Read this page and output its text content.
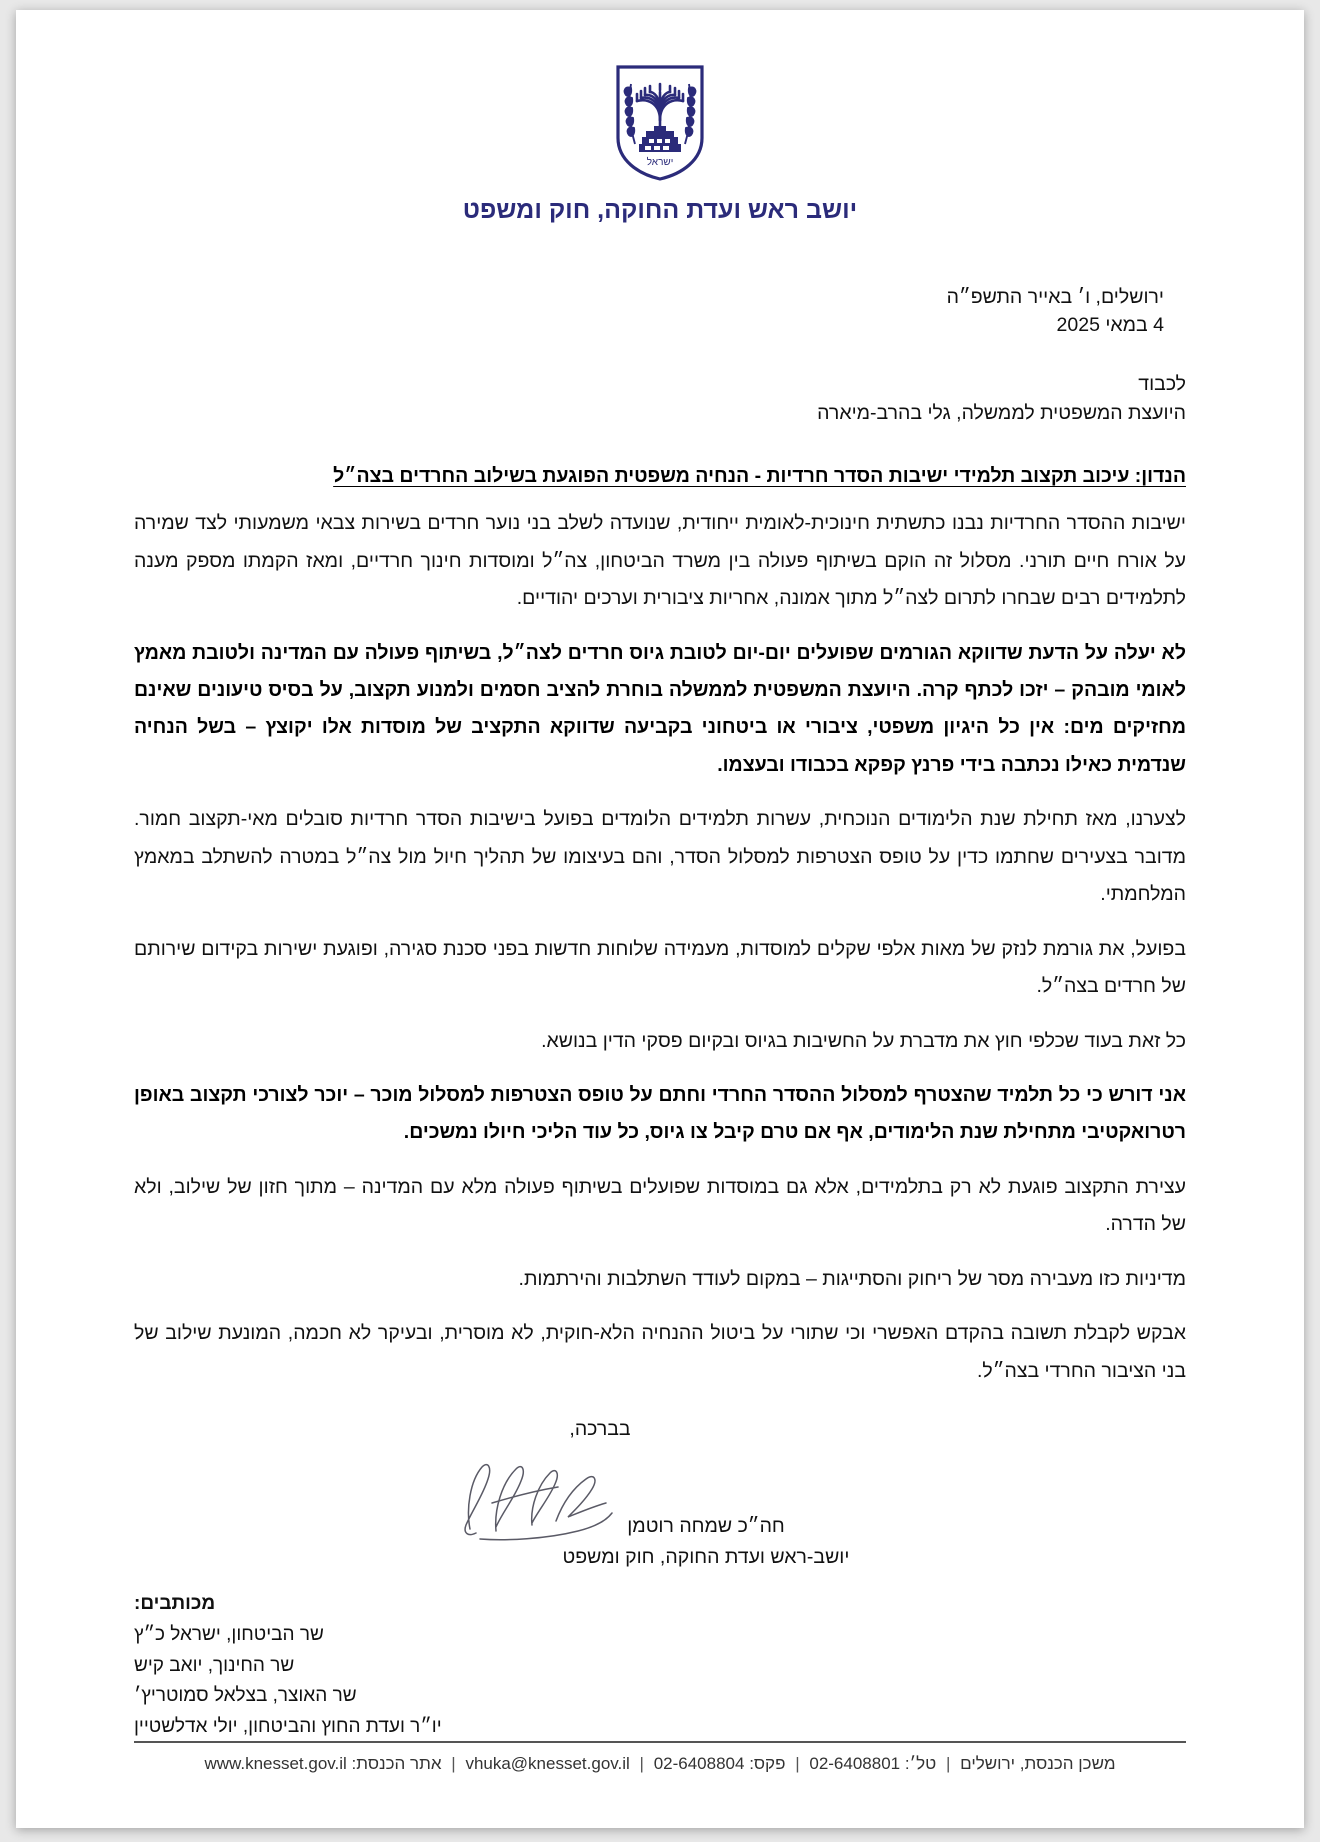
ישראל
יושב ראש ועדת החוקה, חוק ומשפט
ירושלים, ו׳ באייר התשפ״ה
4 במאי 2025
לכבוד
היועצת המשפטית לממשלה, גלי בהרב-מיארה
הנדון: עיכוב תקצוב תלמידי ישיבות הסדר חרדיות - הנחיה משפטית הפוגעת בשילוב החרדים בצה״ל
ישיבות ההסדר החרדיות נבנו כתשתית חינוכית-לאומית ייחודית, שנועדה לשלב בני נוער חרדים בשירות צבאי משמעותי לצד שמירה על אורח חיים תורני. מסלול זה הוקם בשיתוף פעולה בין משרד הביטחון, צה״ל ומוסדות חינוך חרדיים, ומאז הקמתו מספק מענה לתלמידים רבים שבחרו לתרום לצה״ל מתוך אמונה, אחריות ציבורית וערכים יהודיים.
לא יעלה על הדעת שדווקא הגורמים שפועלים יום-יום לטובת גיוס חרדים לצה״ל, בשיתוף פעולה עם המדינה ולטובת מאמץ לאומי מובהק – יזכו לכתף קרה. היועצת המשפטית לממשלה בוחרת להציב חסמים ולמנוע תקצוב, על בסיס טיעונים שאינם מחזיקים מים: אין כל היגיון משפטי, ציבורי או ביטחוני בקביעה שדווקא התקציב של מוסדות אלו יקוצץ – בשל הנחיה שנדמית כאילו נכתבה בידי פרנץ קפקא בכבודו ובעצמו.
לצערנו, מאז תחילת שנת הלימודים הנוכחית, עשרות תלמידים הלומדים בפועל בישיבות הסדר חרדיות סובלים מאי-תקצוב חמור. מדובר בצעירים שחתמו כדין על טופס הצטרפות למסלול הסדר, והם בעיצומו של תהליך חיול מול צה״ל במטרה להשתלב במאמץ המלחמתי.
בפועל, את גורמת לנזק של מאות אלפי שקלים למוסדות, מעמידה שלוחות חדשות בפני סכנת סגירה, ופוגעת ישירות בקידום שירותם של חרדים בצה״ל.
כל זאת בעוד שכלפי חוץ את מדברת על החשיבות בגיוס ובקיום פסקי הדין בנושא.
אני דורש כי כל תלמיד שהצטרף למסלול ההסדר החרדי וחתם על טופס הצטרפות למסלול מוכר – יוכר לצורכי תקצוב באופן רטרואקטיבי מתחילת שנת הלימודים, אף אם טרם קיבל צו גיוס, כל עוד הליכי חיולו נמשכים.
עצירת התקצוב פוגעת לא רק בתלמידים, אלא גם במוסדות שפועלים בשיתוף פעולה מלא עם המדינה – מתוך חזון של שילוב, ולא של הדרה.
מדיניות כזו מעבירה מסר של ריחוק והסתייגות – במקום לעודד השתלבות והירתמות.
אבקש לקבלת תשובה בהקדם האפשרי וכי שתורי על ביטול ההנחיה הלא-חוקית, לא מוסרית, ובעיקר לא חכמה, המונעת שילוב של בני הציבור החרדי בצה״ל.
בברכה,
חה״כ שמחה רוטמן
יושב-ראש ועדת החוקה, חוק ומשפט
מכותבים:
שר הביטחון, ישראל כ״ץ
שר החינוך, יואב קיש
שר האוצר, בצלאל סמוטריץ׳
יו״ר ועדת החוץ והביטחון, יולי אדלשטיין
משכן הכנסת, ירושלים | טל׳: 02-6408801 | פקס: 02-6408804 | vhuka@knesset.gov.il | אתר הכנסת: www.knesset.gov.il
